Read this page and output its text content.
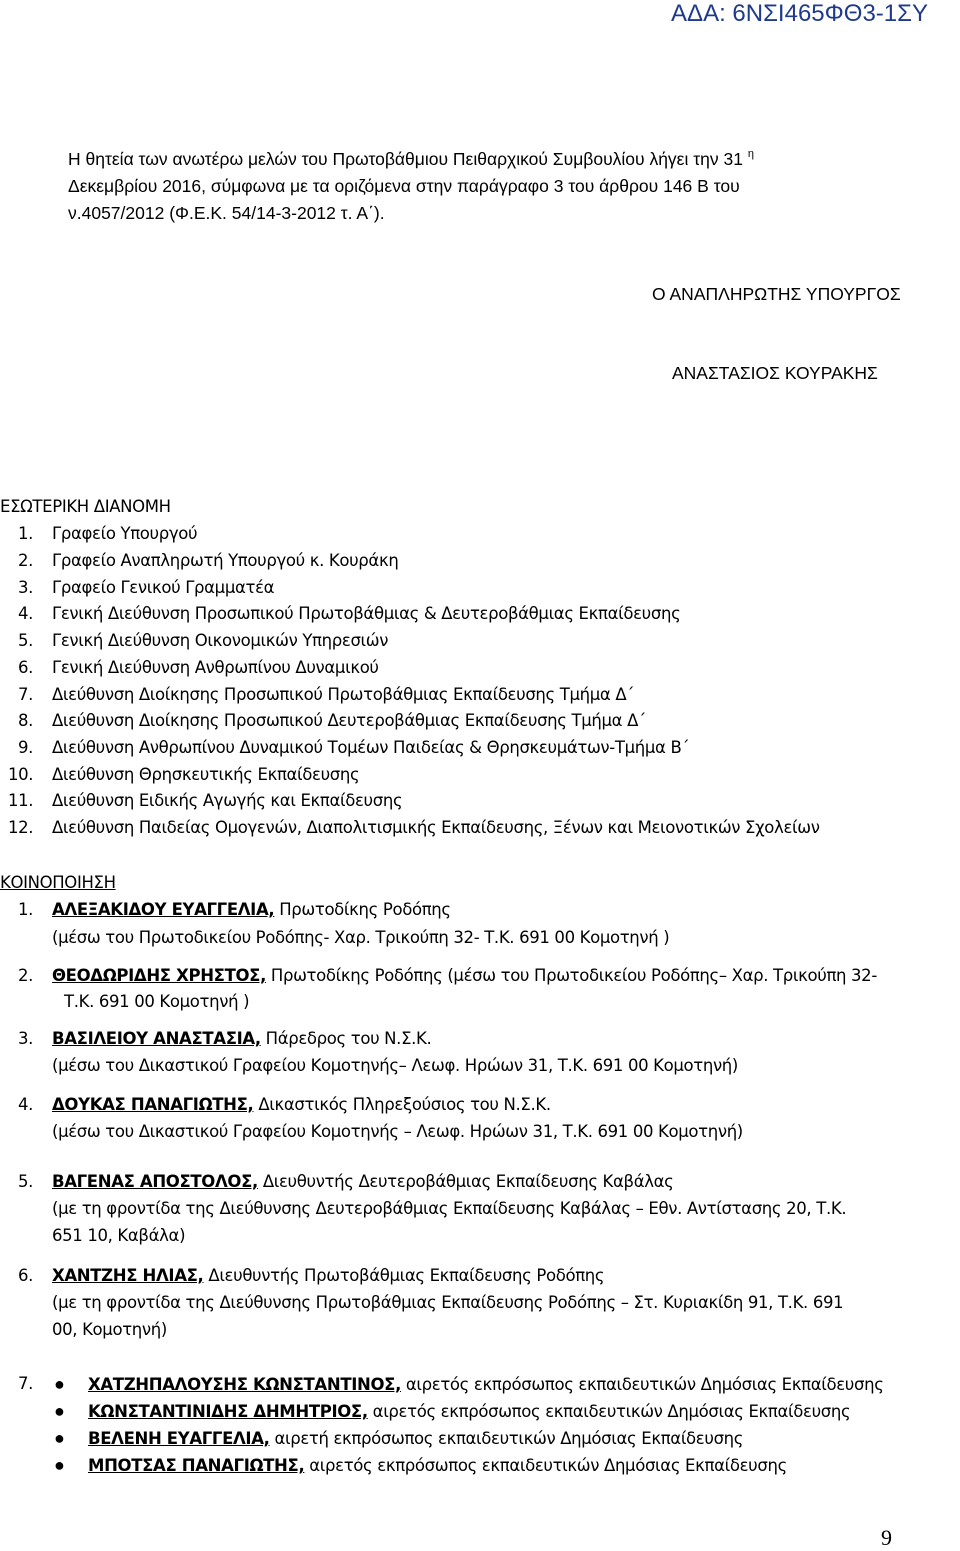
ΑΔΑ: 6ΝΣΙ465ΦΘ3-1ΣΥ
Η θητεία των ανωτέρω μελών του Πρωτοβάθμιου Πειθαρχικού Συμβουλίου λήγει την 31 $^\eta$
Δεκεμβρίου 2016, σύμφωνα με τα οριζόμενα στην παράγραφο 3 του άρθρου 146 Β του
ν.4057/2012 (Φ.Ε.Κ. 54/14-3-2012 τ. Α΄).
Ο ΑΝΑΠΛΗΡΩΤΗΣ ΥΠΟΥΡΓΟΣ
ΑΝΑΣΤΑΣΙΟΣ ΚΟΥΡΑΚΗΣ
ΕΣΩΤΕΡΙΚΗ ΔΙΑΝΟΜΗ
1. Γραφείο Υπουργού
2. Γραφείο Αναπληρωτή Υπουργού κ. Κουράκη
3. Γραφείο Γενικού Γραμματέα
4. Γενική Διεύθυνση Προσωπικού Πρωτοβάθμιας & Δευτεροβάθμιας Εκπαίδευσης
5. Γενική Διεύθυνση Οικονομικών Υπηρεσιών
6. Γενική Διεύθυνση Ανθρωπίνου Δυναμικού
7. Διεύθυνση Διοίκησης Προσωπικού Πρωτοβάθμιας Εκπαίδευσης Τμήμα Δ΄
8. Διεύθυνση Διοίκησης Προσωπικού Δευτεροβάθμιας Εκπαίδευσης Τμήμα Δ΄
9. Διεύθυνση Ανθρωπίνου Δυναμικού Τομέων Παιδείας & Θρησκευμάτων-Τμήμα Β΄
10. Διεύθυνση Θρησκευτικής Εκπαίδευσης
11. Διεύθυνση Ειδικής Αγωγής και Εκπαίδευσης
12. Διεύθυνση Παιδείας Ομογενών, Διαπολιτισμικής Εκπαίδευσης, Ξένων και Μειονοτικών Σχολείων
ΚΟΙΝΟΠΟΙΗΣΗ
1. ΑΛΕΞΑΚΙΔΟΥ ΕΥΑΓΓΕΛΙΑ, Πρωτοδίκης Ροδόπης
(μέσω του Πρωτοδικείου Ροδόπης- Χαρ. Τρικούπη 32- Τ.Κ. 691 00 Κομοτηνή )
2. ΘΕΟΔΩΡΙΔΗΣ ΧΡΗΣΤΟΣ, Πρωτοδίκης Ροδόπης (μέσω του Πρωτοδικείου Ροδόπης– Χαρ. Τρικούπη 32-
Τ.Κ. 691 00 Κομοτηνή )
3. ΒΑΣΙΛΕΙΟΥ ΑΝΑΣΤΑΣΙΑ, Πάρεδρος του Ν.Σ.Κ.
(μέσω του Δικαστικού Γραφείου Κομοτηνής– Λεωφ. Ηρώων 31, Τ.Κ. 691 00 Κομοτηνή)
4. ΔΟΥΚΑΣ ΠΑΝΑΓΙΩΤΗΣ, Δικαστικός Πληρεξούσιος του Ν.Σ.Κ.
(μέσω του Δικαστικού Γραφείου Κομοτηνής – Λεωφ. Ηρώων 31, Τ.Κ. 691 00 Κομοτηνή)
5. ΒΑΓΕΝΑΣ ΑΠΟΣΤΟΛΟΣ, Διευθυντής Δευτεροβάθμιας Εκπαίδευσης Καβάλας
(με τη φροντίδα της Διεύθυνσης Δευτεροβάθμιας Εκπαίδευσης Καβάλας – Εθν. Αντίστασης 20, Τ.Κ.
651 10, Καβάλα)
6. ΧΑΝΤΖΗΣ ΗΛΙΑΣ, Διευθυντής Πρωτοβάθμιας Εκπαίδευσης Ροδόπης
(με τη φροντίδα της Διεύθυνσης Πρωτοβάθμιας Εκπαίδευσης Ροδόπης – Στ. Κυριακίδη 91, Τ.Κ. 691
00, Κομοτηνή)
7. ● ΧΑΤΖΗΠΑΛΟΥΣΗΣ ΚΩΝΣΤΑΝΤΙΝΟΣ, αιρετός εκπρόσωπος εκπαιδευτικών Δημόσιας Εκπαίδευσης
● ΚΩΝΣΤΑΝΤΙΝΙΔΗΣ ΔΗΜΗΤΡΙΟΣ, αιρετός εκπρόσωπος εκπαιδευτικών Δημόσιας Εκπαίδευσης
● ΒΕΛΕΝΗ ΕΥΑΓΓΕΛΙΑ, αιρετή εκπρόσωπος εκπαιδευτικών Δημόσιας Εκπαίδευσης
● ΜΠΟΤΣΑΣ ΠΑΝΑΓΙΩΤΗΣ, αιρετός εκπρόσωπος εκπαιδευτικών Δημόσιας Εκπαίδευσης
9
